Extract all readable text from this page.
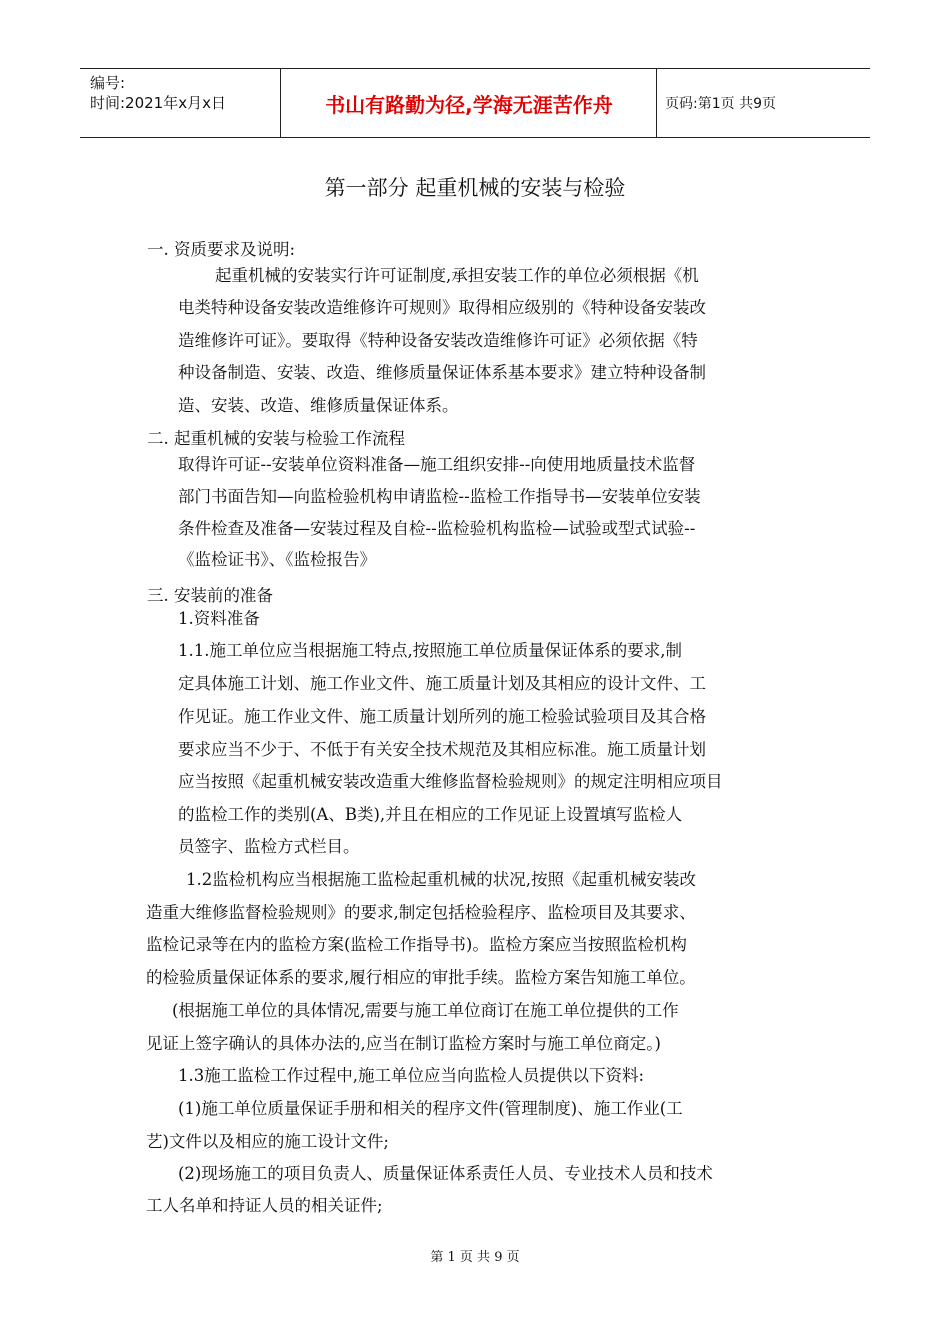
编号:
时间:2021年x月x日	书山有路勤为径,学海无涯苦作舟	页码:第1页 共9页
第一部分 起重机械的安装与检验
一. 资质要求及说明:
起重机械的安装实行许可证制度,承担安装工作的单位必须根据《机
电类特种设备安装改造维修许可规则》取得相应级别的《特种设备安装改
造维修许可证》。要取得《特种设备安装改造维修许可证》必须依据《特
种设备制造、安装、改造、维修质量保证体系基本要求》建立特种设备制
造、安装、改造、维修质量保证体系。
二. 起重机械的安装与检验工作流程
取得许可证--安装单位资料准备—施工组织安排--向使用地质量技术监督
部门书面告知—向监检验机构申请监检--监检工作指导书—安装单位安装
条件检查及准备—安装过程及自检--监检验机构监检—试验或型式试验--
《监检证书》、《监检报告》
三. 安装前的准备
1.资料准备
1.1.施工单位应当根据施工特点,按照施工单位质量保证体系的要求,制
定具体施工计划、施工作业文件、施工质量计划及其相应的设计文件、工
作见证。施工作业文件、施工质量计划所列的施工检验试验项目及其合格
要求应当不少于、不低于有关安全技术规范及其相应标准。施工质量计划
应当按照《起重机械安装改造重大维修监督检验规则》的规定注明相应项目
的监检工作的类别(A、B类),并且在相应的工作见证上设置填写监检人
员签字、监检方式栏目。
1.2监检机构应当根据施工监检起重机械的状况,按照《起重机械安装改
造重大维修监督检验规则》的要求,制定包括检验程序、监检项目及其要求、
监检记录等在内的监检方案(监检工作指导书)。监检方案应当按照监检机构
的检验质量保证体系的要求,履行相应的审批手续。监检方案告知施工单位。
(根据施工单位的具体情况,需要与施工单位商订在施工单位提供的工作
见证上签字确认的具体办法的,应当在制订监检方案时与施工单位商定。)
1.3施工监检工作过程中,施工单位应当向监检人员提供以下资料:
(1)施工单位质量保证手册和相关的程序文件(管理制度)、施工作业(工
艺)文件以及相应的施工设计文件;
(2)现场施工的项目负责人、质量保证体系责任人员、专业技术人员和技术
工人名单和持证人员的相关证件;
第 1 页 共 9 页
